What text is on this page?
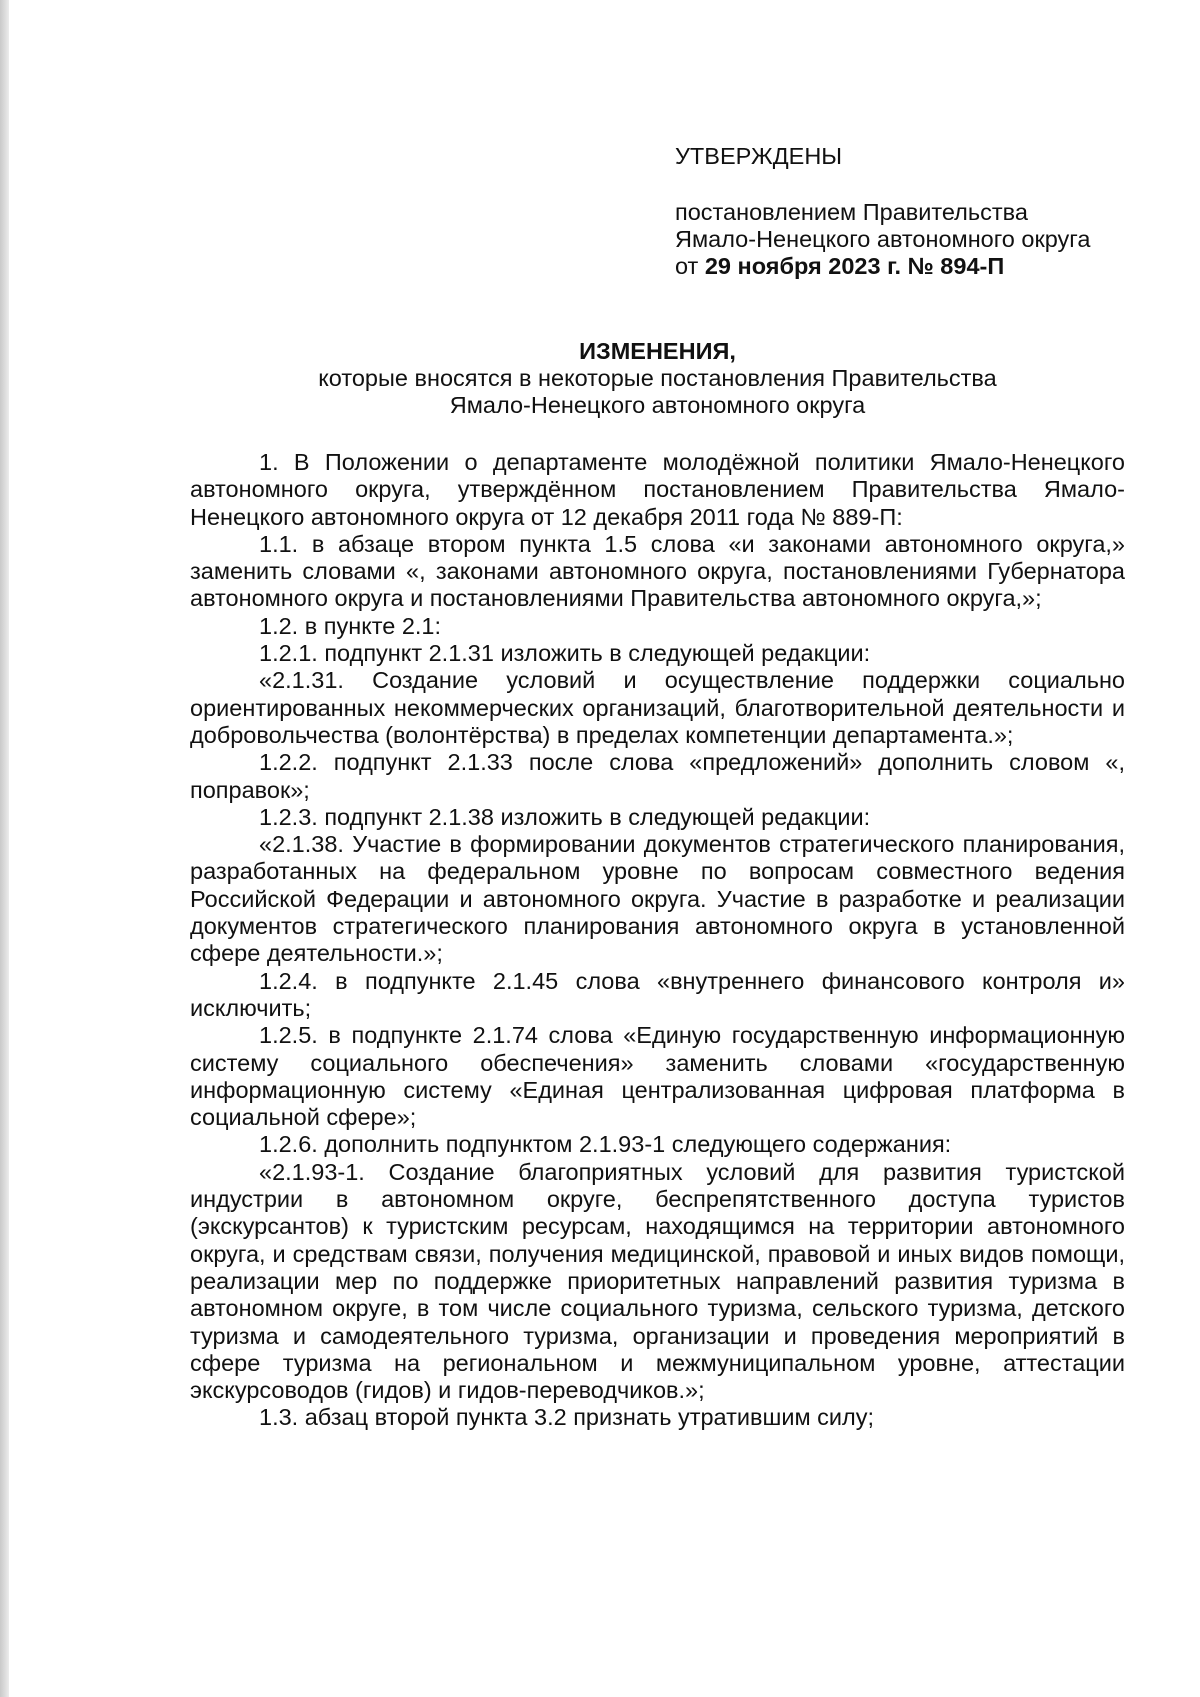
УТВЕРЖДЕНЫ
постановлением Правительства
Ямало-Ненецкого автономного округа
от 29 ноября 2023 г. № 894-П
ИЗМЕНЕНИЯ,
которые вносятся в некоторые постановления Правительства
Ямало-Ненецкого автономного округа

1. В Положении о департаменте молодёжной политики Ямало-Ненецкого автономного округа, утверждённом постановлением Правительства Ямало-Ненецкого автономного округа от 12 декабря 2011 года № 889-П:

1.1. в абзаце втором пункта 1.5 слова «и законами автономного округа,» заменить словами «, законами автономного округа, постановлениями Губернатора автономного округа и постановлениями Правительства автономного округа,»;

1.2. в пункте 2.1:

1.2.1. подпункт 2.1.31 изложить в следующей редакции:

«2.1.31. Создание условий и осуществление поддержки социально ориентированных некоммерческих организаций, благотворительной деятельности и добровольчества (волонтёрства) в пределах компетенции департамента.»;

1.2.2. подпункт 2.1.33 после слова «предложений» дополнить словом «, поправок»;

1.2.3. подпункт 2.1.38 изложить в следующей редакции:

«2.1.38. Участие в формировании документов стратегического планирования, разработанных на федеральном уровне по вопросам совместного ведения Российской Федерации и автономного округа. Участие в разработке и реализации документов стратегического планирования автономного округа в установленной сфере деятельности.»;

1.2.4. в подпункте 2.1.45 слова «внутреннего финансового контроля и» исключить;

1.2.5. в подпункте 2.1.74 слова «Единую государственную информационную систему социального обеспечения» заменить словами «государственную информационную систему «Единая централизованная цифровая платформа в социальной сфере»;

1.2.6. дополнить подпунктом 2.1.93-1 следующего содержания:

«2.1.93-1. Создание благоприятных условий для развития туристской индустрии в автономном округе, беспрепятственного доступа туристов (экскурсантов) к туристским ресурсам, находящимся на территории автономного округа, и средствам связи, получения медицинской, правовой и иных видов помощи, реализации мер по поддержке приоритетных направлений развития туризма в автономном округе, в том числе социального туризма, сельского туризма, детского туризма и самодеятельного туризма, организации и проведения мероприятий в сфере туризма на региональном и межмуниципальном уровне, аттестации экскурсоводов (гидов) и гидов-переводчиков.»;

1.3. абзац второй пункта 3.2 признать утратившим силу;
